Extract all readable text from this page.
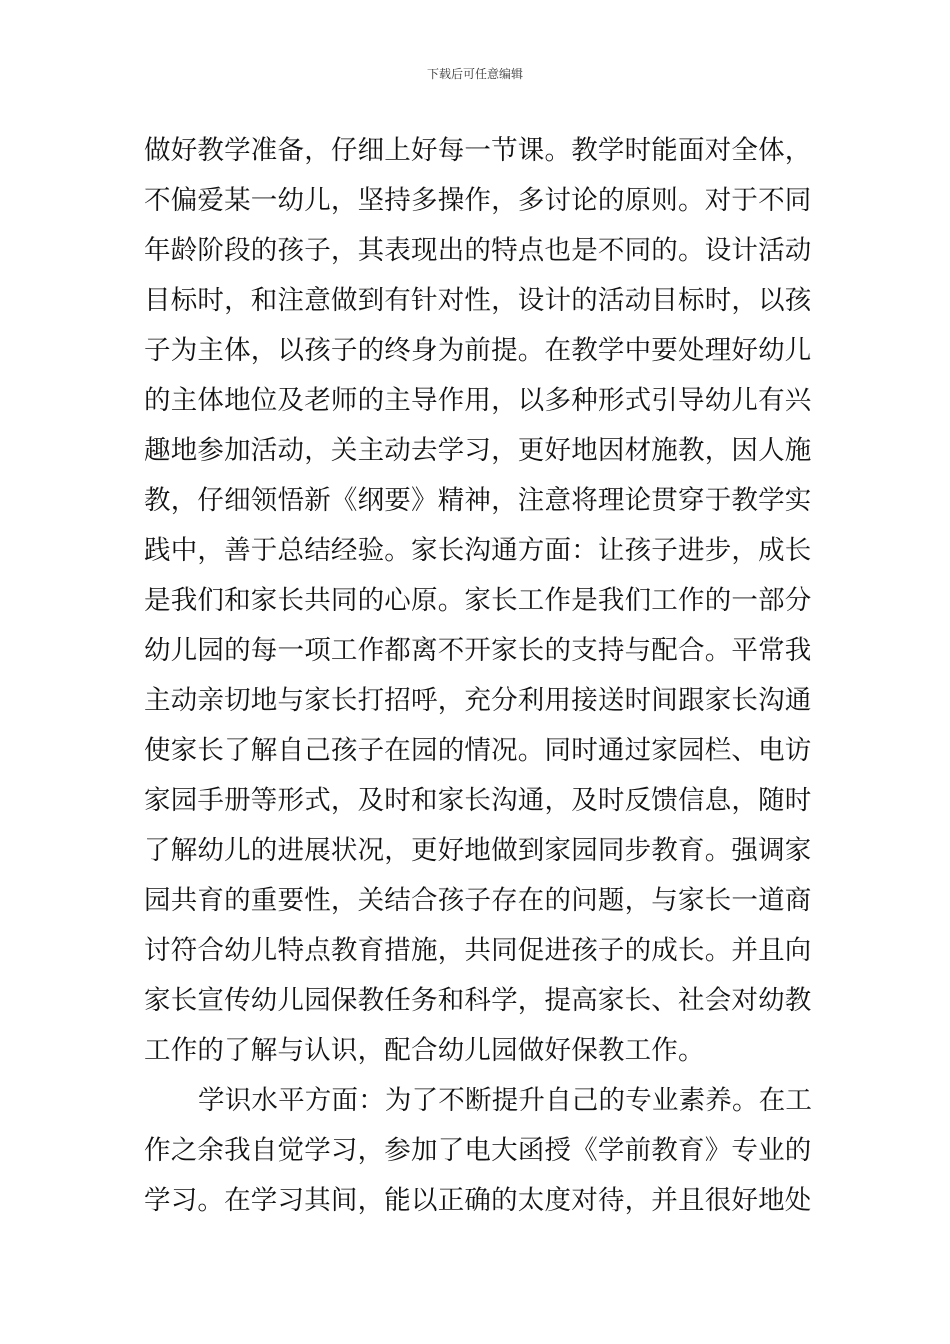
下载后可任意编辑
做好教学准备，仔细上好每一节课。教学时能面对全体，
不偏爱某一幼儿，坚持多操作，多讨论的原则。对于不同
年龄阶段的孩子，其表现出的特点也是不同的。设计活动
目标时，和注意做到有针对性，设计的活动目标时，以孩
子为主体，以孩子的终身为前提。在教学中要处理好幼儿
的主体地位及老师的主导作用，以多种形式引导幼儿有兴
趣地参加活动，关主动去学习，更好地因材施教，因人施
教，仔细领悟新《纲要》精神，注意将理论贯穿于教学实
践中，善于总结经验。家长沟通方面：让孩子进步，成长
是我们和家长共同的心原。家长工作是我们工作的一部分
幼儿园的每一项工作都离不开家长的支持与配合。平常我
主动亲切地与家长打招呼，充分利用接送时间跟家长沟通
使家长了解自己孩子在园的情况。同时通过家园栏、电访
家园手册等形式，及时和家长沟通，及时反馈信息，随时
了解幼儿的进展状况，更好地做到家园同步教育。强调家
园共育的重要性，关结合孩子存在的问题，与家长一道商
讨符合幼儿特点教育措施，共同促进孩子的成长。并且向
家长宣传幼儿园保教任务和科学，提高家长、社会对幼教
工作的了解与认识，配合幼儿园做好保教工作。
学识水平方面：为了不断提升自己的专业素养。在工
作之余我自觉学习，参加了电大函授《学前教育》专业的
学习。在学习其间，能以正确的太度对待，并且很好地处
